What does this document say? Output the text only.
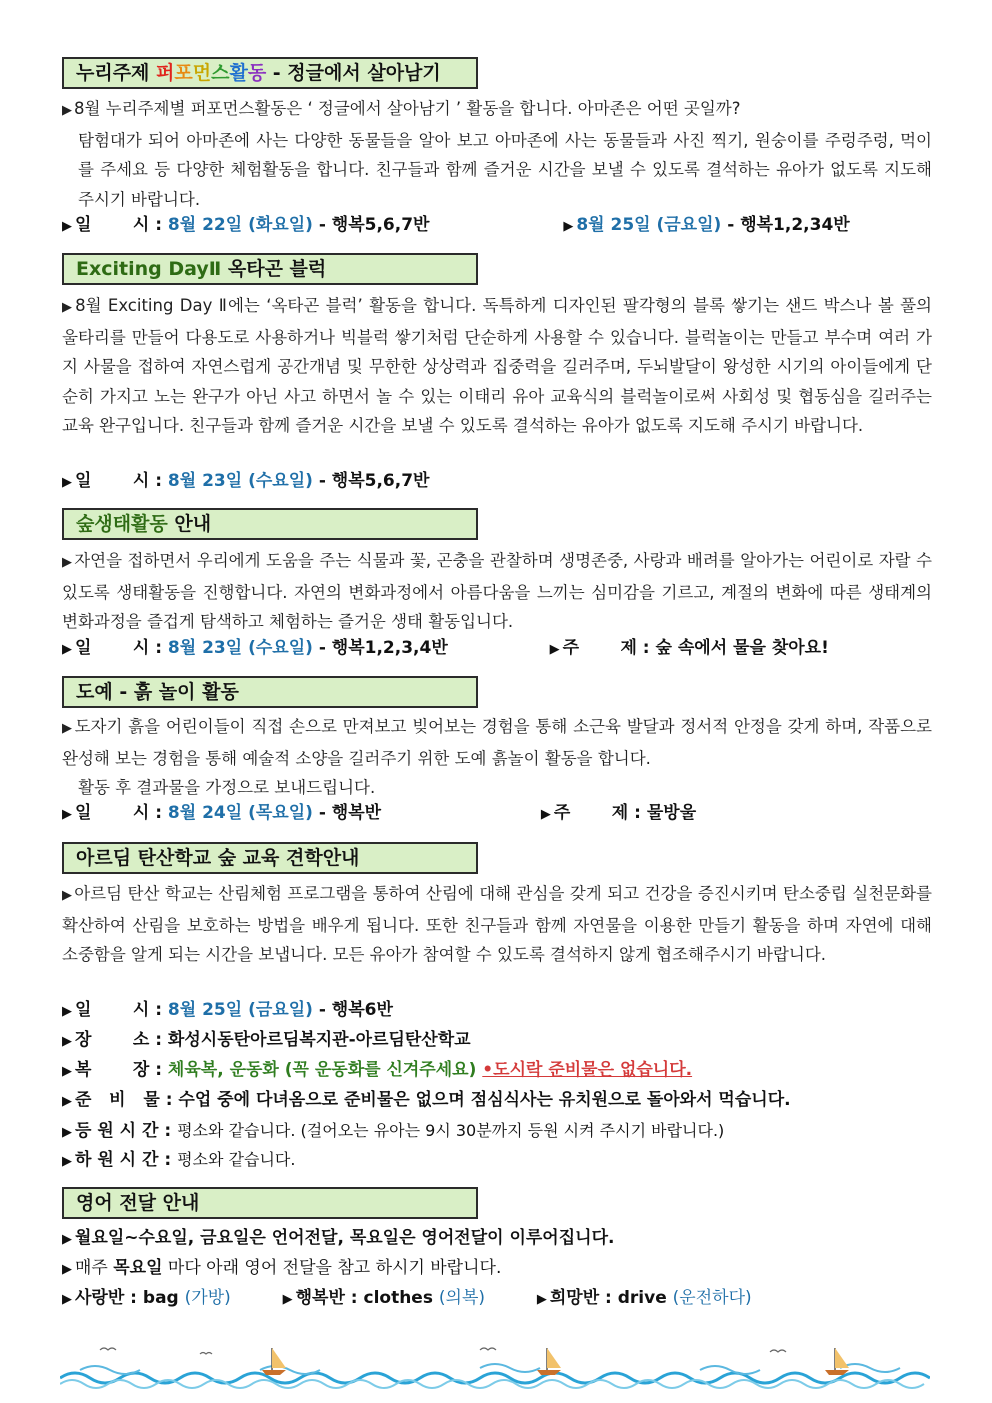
누리주제 퍼포먼스활동 - 정글에서 살아남기
▶ 8월 누리주제별 퍼포먼스활동은 ‘ 정글에서 살아남기 ’ 활동을 합니다. 아마존은 어떤 곳일까?
탐험대가 되어 아마존에 사는 다양한 동물들을 알아 보고 아마존에 사는 동물들과 사진 찍기, 원숭이를 주렁주렁, 먹이를 주세요 등 다양한 체험활동을 합니다. 친구들과 함께 즐거운 시간을 보낼 수 있도록 결석하는 유아가 없도록 지도해 주시기 바랍니다.
▶ 일       시 : 8월 22일 (화요일) - 행복5,6,7반	▶ 8월 25일 (금요일) - 행복1,2,34반
Exciting DayⅡ 옥타곤 블럭
▶ 8월 Exciting Day Ⅱ에는 ‘옥타곤 블럭’ 활동을 합니다. 독특하게 디자인된 팔각형의 블록 쌓기는 샌드 박스나 볼 풀의 울타리를 만들어 다용도로 사용하거나 빅블럭 쌓기처럼 단순하게 사용할 수 있습니다. 블럭놀이는 만들고 부수며 여러 가지 사물을 접하여 자연스럽게 공간개념 및 무한한 상상력과 집중력을 길러주며, 두뇌발달이 왕성한 시기의 아이들에게 단순히 가지고 노는 완구가 아닌 사고 하면서 놀 수 있는 이태리 유아 교육식의 블럭놀이로써 사회성 및 협동심을 길러주는 교육 완구입니다. 친구들과 함께 즐거운 시간을 보낼 수 있도록 결석하는 유아가 없도록 지도해 주시기 바랍니다.
▶ 일       시 : 8월 23일 (수요일) - 행복5,6,7반
숲생태활동 안내
▶ 자연을 접하면서 우리에게 도움을 주는 식물과 꽃, 곤충을 관찰하며 생명존중, 사랑과 배려를 알아가는 어린이로 자랄 수 있도록 생태활동을 진행합니다. 자연의 변화과정에서 아름다움을 느끼는 심미감을 기르고, 계절의 변화에 따른 생태계의 변화과정을 즐겁게 탐색하고 체험하는 즐거운 생태 활동입니다.
▶ 일       시 : 8월 23일 (수요일) - 행복1,2,3,4반	▶ 주       제 : 숲 속에서 물을 찾아요!
도예 - 흙 놀이 활동
▶ 도자기 흙을 어린이들이 직접 손으로 만져보고 빚어보는 경험을 통해 소근육 발달과 정서적 안정을 갖게 하며, 작품으로 완성해 보는 경험을 통해 예술적 소양을 길러주기 위한 도예 흙놀이 활동을 합니다.
활동 후 결과물을 가정으로 보내드립니다.
▶ 일       시 : 8월 24일 (목요일) - 행복반	▶ 주       제 : 물방울
아르딤 탄산학교 숲 교육 견학안내
▶ 아르딤 탄산 학교는 산림체험 프로그램을 통하여 산림에 대해 관심을 갖게 되고 건강을 증진시키며 탄소중립 실천문화를 확산하여 산림을 보호하는 방법을 배우게 됩니다. 또한 친구들과 함께 자연물을 이용한 만들기 활동을 하며 자연에 대해 소중함을 알게 되는 시간을 보냅니다. 모든 유아가 참여할 수 있도록 결석하지 않게 협조해주시기 바랍니다.
▶ 일       시 : 8월 25일 (금요일) - 행복6반
▶ 장       소 : 화성시동탄아르딤복지관-아르딤탄산학교
▶ 복       장 : 체육복, 운동화 (꼭 운동화를 신겨주세요) •도시락 준비물은 없습니다.
▶ 준   비   물 : 수업 중에 다녀옴으로 준비물은 없으며 점심식사는 유치원으로 돌아와서 먹습니다.
▶ 등 원 시 간 : 평소와 같습니다. (걸어오는 유아는 9시 30분까지 등원 시켜 주시기 바랍니다.)
▶ 하 원 시 간 : 평소와 같습니다.
영어 전달 안내
▶ 월요일~수요일, 금요일은 언어전달, 목요일은 영어전달이 이루어집니다.
▶ 매주 목요일 마다 아래 영어 전달을 참고 하시기 바랍니다.
▶ 사랑반 : bag (가방)	▶ 행복반 : clothes (의복)	▶ 희망반 : drive (운전하다)
